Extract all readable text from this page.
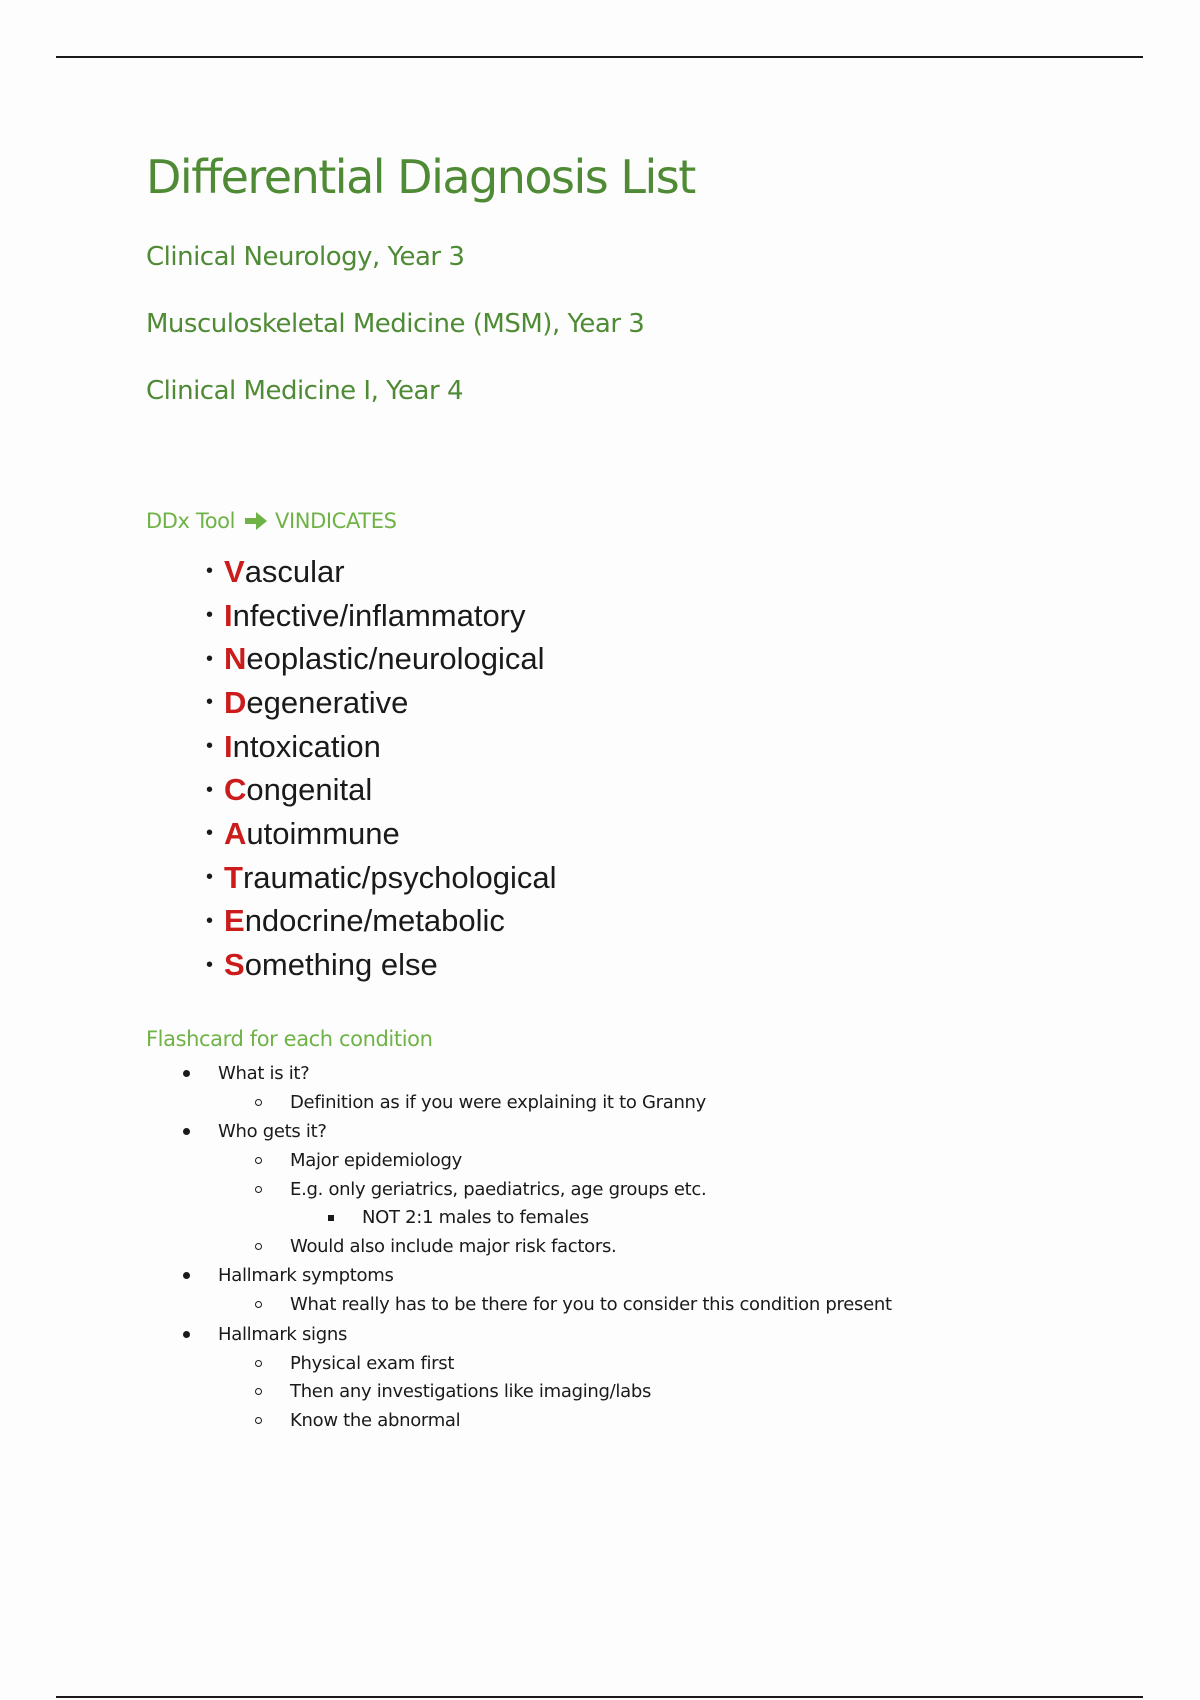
Differential Diagnosis List
Clinical Neurology, Year 3
Musculoskeletal Medicine (MSM), Year 3
Clinical Medicine I, Year 4
DDx Tool VINDICATES
• V ascular
• I nfective/inflammatory
• N eoplastic/neurological
• D egenerative
• I ntoxication
• C ongenital
• A utoimmune
• T raumatic/psychological
• E ndocrine/metabolic
• S omething else
Flashcard for each condition
What is it?
Definition as if you were explaining it to Granny
Who gets it?
Major epidemiology
E.g. only geriatrics, paediatrics, age groups etc.
NOT 2:1 males to females
Would also include major risk factors.
Hallmark symptoms
What really has to be there for you to consider this condition present
Hallmark signs
Physical exam first
Then any investigations like imaging/labs
Know the abnormal
